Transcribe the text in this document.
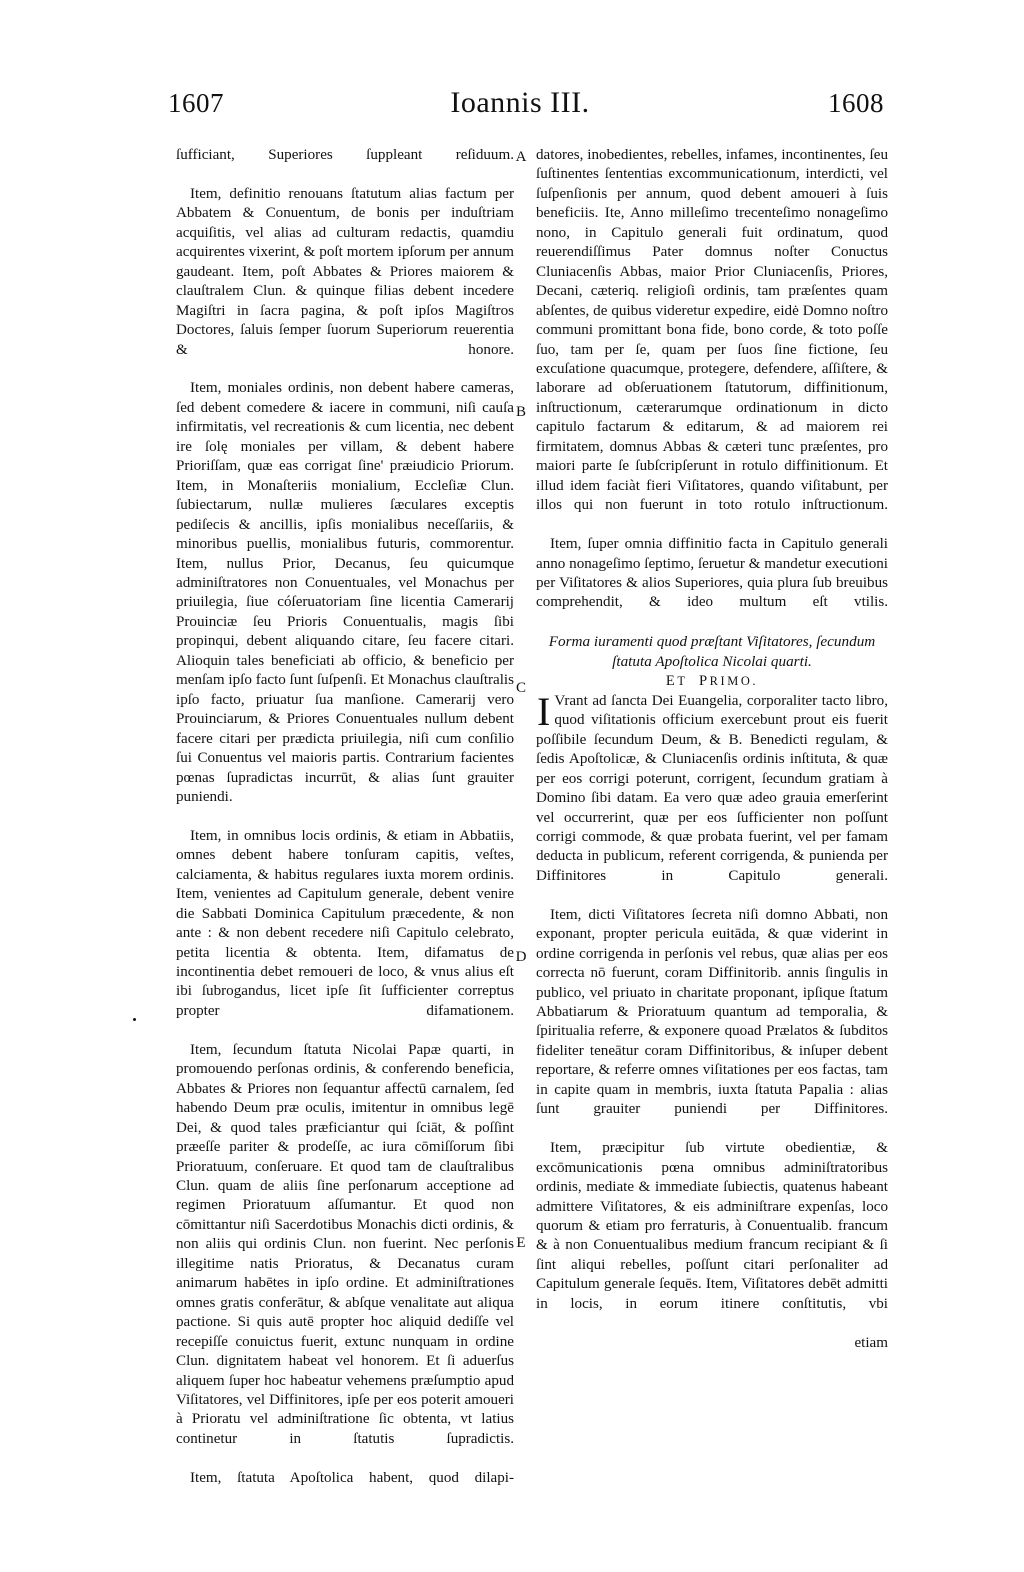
1607	Ioannis III.	1608
A
B
C
D
E

ſufficiant, Superiores ſuppleant reſiduum.

Item, definitio renouans ſtatutum alias factum per Abbatem & Conuentum, de bonis per induſtriam acquiſitis, vel alias ad culturam redactis, quamdiu acquirentes vixerint, & poſt mortem ipſorum per annum gaudeant. Item, poſt Abbates & Priores maiorem & clauſtralem Clun. & quinque filias debent incedere Magiſtri in ſacra pagina, & poſt ipſos Magiſtros Doctores, ſaluis ſemper ſuorum Superiorum reuerentia & honore.

Item, moniales ordinis, non debent habere cameras, ſed debent comedere & iacere in communi, niſi cauſa infirmitatis, vel recreationis & cum licentia, nec debent ire ſolę moniales per villam, & debent habere Prioriſſam, quæ eas corrigat ſine' præiudicio Priorum. Item, in Monaſteriis monialium, Eccleſiæ Clun. ſubiectarum, nullæ mulieres ſæculares exceptis pediſecis & ancillis, ipſis monialibus neceſſariis, & minoribus puellis, monialibus futuris, commorentur. Item, nullus Prior, Decanus, ſeu quicumque adminiſtratores non Conuentuales, vel Monachus per priuilegia, ſiue cóſeruatoriam ſine licentia Camerarij Prouinciæ ſeu Prioris Conuentualis, magis ſibi propinqui, debent aliquando citare, ſeu facere citari. Alioquin tales beneficiati ab officio, & beneficio per menſam ipſo facto ſunt ſuſpenſi. Et Monachus clauſtralis ipſo facto, priuatur ſua manſione. Camerarij vero Prouinciarum, & Priores Conuentuales nullum debent facere citari per prædicta priuilegia, niſi cum conſilio ſui Conuentus vel maioris partis. Contrarium facientes pœnas ſupradictas incurrūt, & alias ſunt grauiter puniendi.

Item, in omnibus locis ordinis, & etiam in Abbatiis, omnes debent habere tonſuram capitis, veſtes, calciamenta, & habitus regulares iuxta morem ordinis. Item, venientes ad Capitulum generale, debent venire die Sabbati Dominica Capitulum præcedente, & non ante : & non debent recedere niſi Capitulo celebrato, petita licentia & obtenta. Item, difamatus de incontinentia debet remoueri de loco, & vnus alius eſt ibi ſubrogandus, licet ipſe ſit ſufficienter correptus propter difamationem.

Item, ſecundum ſtatuta Nicolai Papæ quarti, in promouendo perſonas ordinis, & conferendo beneficia, Abbates & Priores non ſequantur affectū carnalem, ſed habendo Deum præ oculis, imitentur in omnibus legē Dei, & quod tales præficiantur qui ſciāt, & poſſint præeſſe pariter & prodeſſe, ac iura cōmiſſorum ſibi Prioratuum, conſeruare. Et quod tam de clauſtralibus Clun. quam de aliis ſine perſonarum acceptione ad regimen Prioratuum aſſumantur. Et quod non cōmittantur niſi Sacerdotibus Monachis dicti ordinis, & non aliis qui ordinis Clun. non fuerint. Nec perſonis illegitime natis Prioratus, & Decanatus curam animarum habētes in ipſo ordine. Et adminiſtrationes omnes gratis conferātur, & abſque venalitate aut aliqua pactione. Si quis autē propter hoc aliquid dediſſe vel recepiſſe conuictus fuerit, extunc nunquam in ordine Clun. dignitatem habeat vel honorem. Et ſi aduerſus aliquem ſuper hoc habeatur vehemens præſumptio apud Viſitatores, vel Diffinitores, ipſe per eos poterit amoueri à Prioratu vel adminiſtratione ſic obtenta, vt latius continetur in ſtatutis ſupradictis.

Item, ſtatuta Apoſtolica habent, quod dilapi-

datores, inobedientes, rebelles, infames, incontinentes, ſeu ſuſtinentes ſententias excommunicationum, interdicti, vel ſuſpenſionis per annum, quod debent amoueri à ſuis beneficiis. Ite, Anno milleſimo trecenteſimo nonageſimo nono, in Capitulo generali fuit ordinatum, quod reuerendiſſimus Pater domnus noſter Conuctus Cluniacenſis Abbas, maior Prior Cluniacenſis, Priores, Decani, cæteriq. religioſi ordinis, tam præſentes quam abſentes, de quibus videretur expedire, eidė Domno noſtro communi promittant bona fide, bono corde, & toto poſſe ſuo, tam per ſe, quam per ſuos ſine fictione, ſeu excuſatione quacumque, protegere, defendere, aſſiſtere, & laborare ad obſeruationem ſtatutorum, diffinitionum, inſtructionum, cæterarumque ordinationum in dicto capitulo factarum & editarum, & ad maiorem rei firmitatem, domnus Abbas & cæteri tunc præſentes, pro maiori parte ſe ſubſcripſerunt in rotulo diffinitionum. Et illud idem faciàt fieri Viſitatores, quando viſitabunt, per illos qui non fuerunt in toto rotulo inſtructionum.

Item, ſuper omnia diffinitio facta in Capitulo generali anno nonageſimo ſeptimo, ſeruetur & mandetur executioni per Viſitatores & alios Superiores, quia plura ſub breuibus comprehendit, & ideo multum eſt vtilis.

Forma iuramenti quod præſtant Viſitatores, ſecundum

ſtatuta Apoſtolica Nicolai quarti.

ET PRIMO.

I Vrant ad ſancta Dei Euangelia, corporaliter tacto libro, quod viſitationis officium exercebunt prout eis fuerit poſſibile ſecundum Deum, & B. Benedicti regulam, & ſedis Apoſtolicæ, & Cluniacenſis ordinis inſtituta, & quæ per eos corrigi poterunt, corrigent, ſecundum gratiam à Domino ſibi datam. Ea vero quæ adeo grauia emerſerint vel occurrerint, quæ per eos ſufficienter non poſſunt corrigi commode, & quæ probata fuerint, vel per famam deducta in publicum, referent corrigenda, & punienda per Diffinitores in Capitulo generali.

Item, dicti Viſitatores ſecreta niſi domno Abbati, non exponant, propter pericula euitāda, & quæ viderint in ordine corrigenda in perſonis vel rebus, quæ alias per eos correcta nō fuerunt, coram Diffinitorib. annis ſingulis in publico, vel priuato in charitate proponant, ipſique ſtatum Abbatiarum & Prioratuum quantum ad temporalia, & ſpiritualia referre, & exponere quoad Prælatos & ſubditos fideliter teneātur coram Diffinitoribus, & inſuper debent reportare, & referre omnes viſitationes per eos factas, tam in capite quam in membris, iuxta ſtatuta Papalia : alias ſunt grauiter puniendi per Diffinitores.

Item, præcipitur ſub virtute obedientiæ, & excōmunicationis pœna omnibus adminiſtratoribus ordinis, mediate & immediate ſubiectis, quatenus habeant admittere Viſitatores, & eis adminiſtrare expenſas, loco quorum & etiam pro ferraturis, à Conuentualib. francum & à non Conuentualibus medium francum recipiant & ſi ſint aliqui rebelles, poſſunt citari perſonaliter ad Capitulum generale ſequēs. Item, Viſitatores debēt admitti in locis, in eorum itinere conſtitutis, vbi

etiam
